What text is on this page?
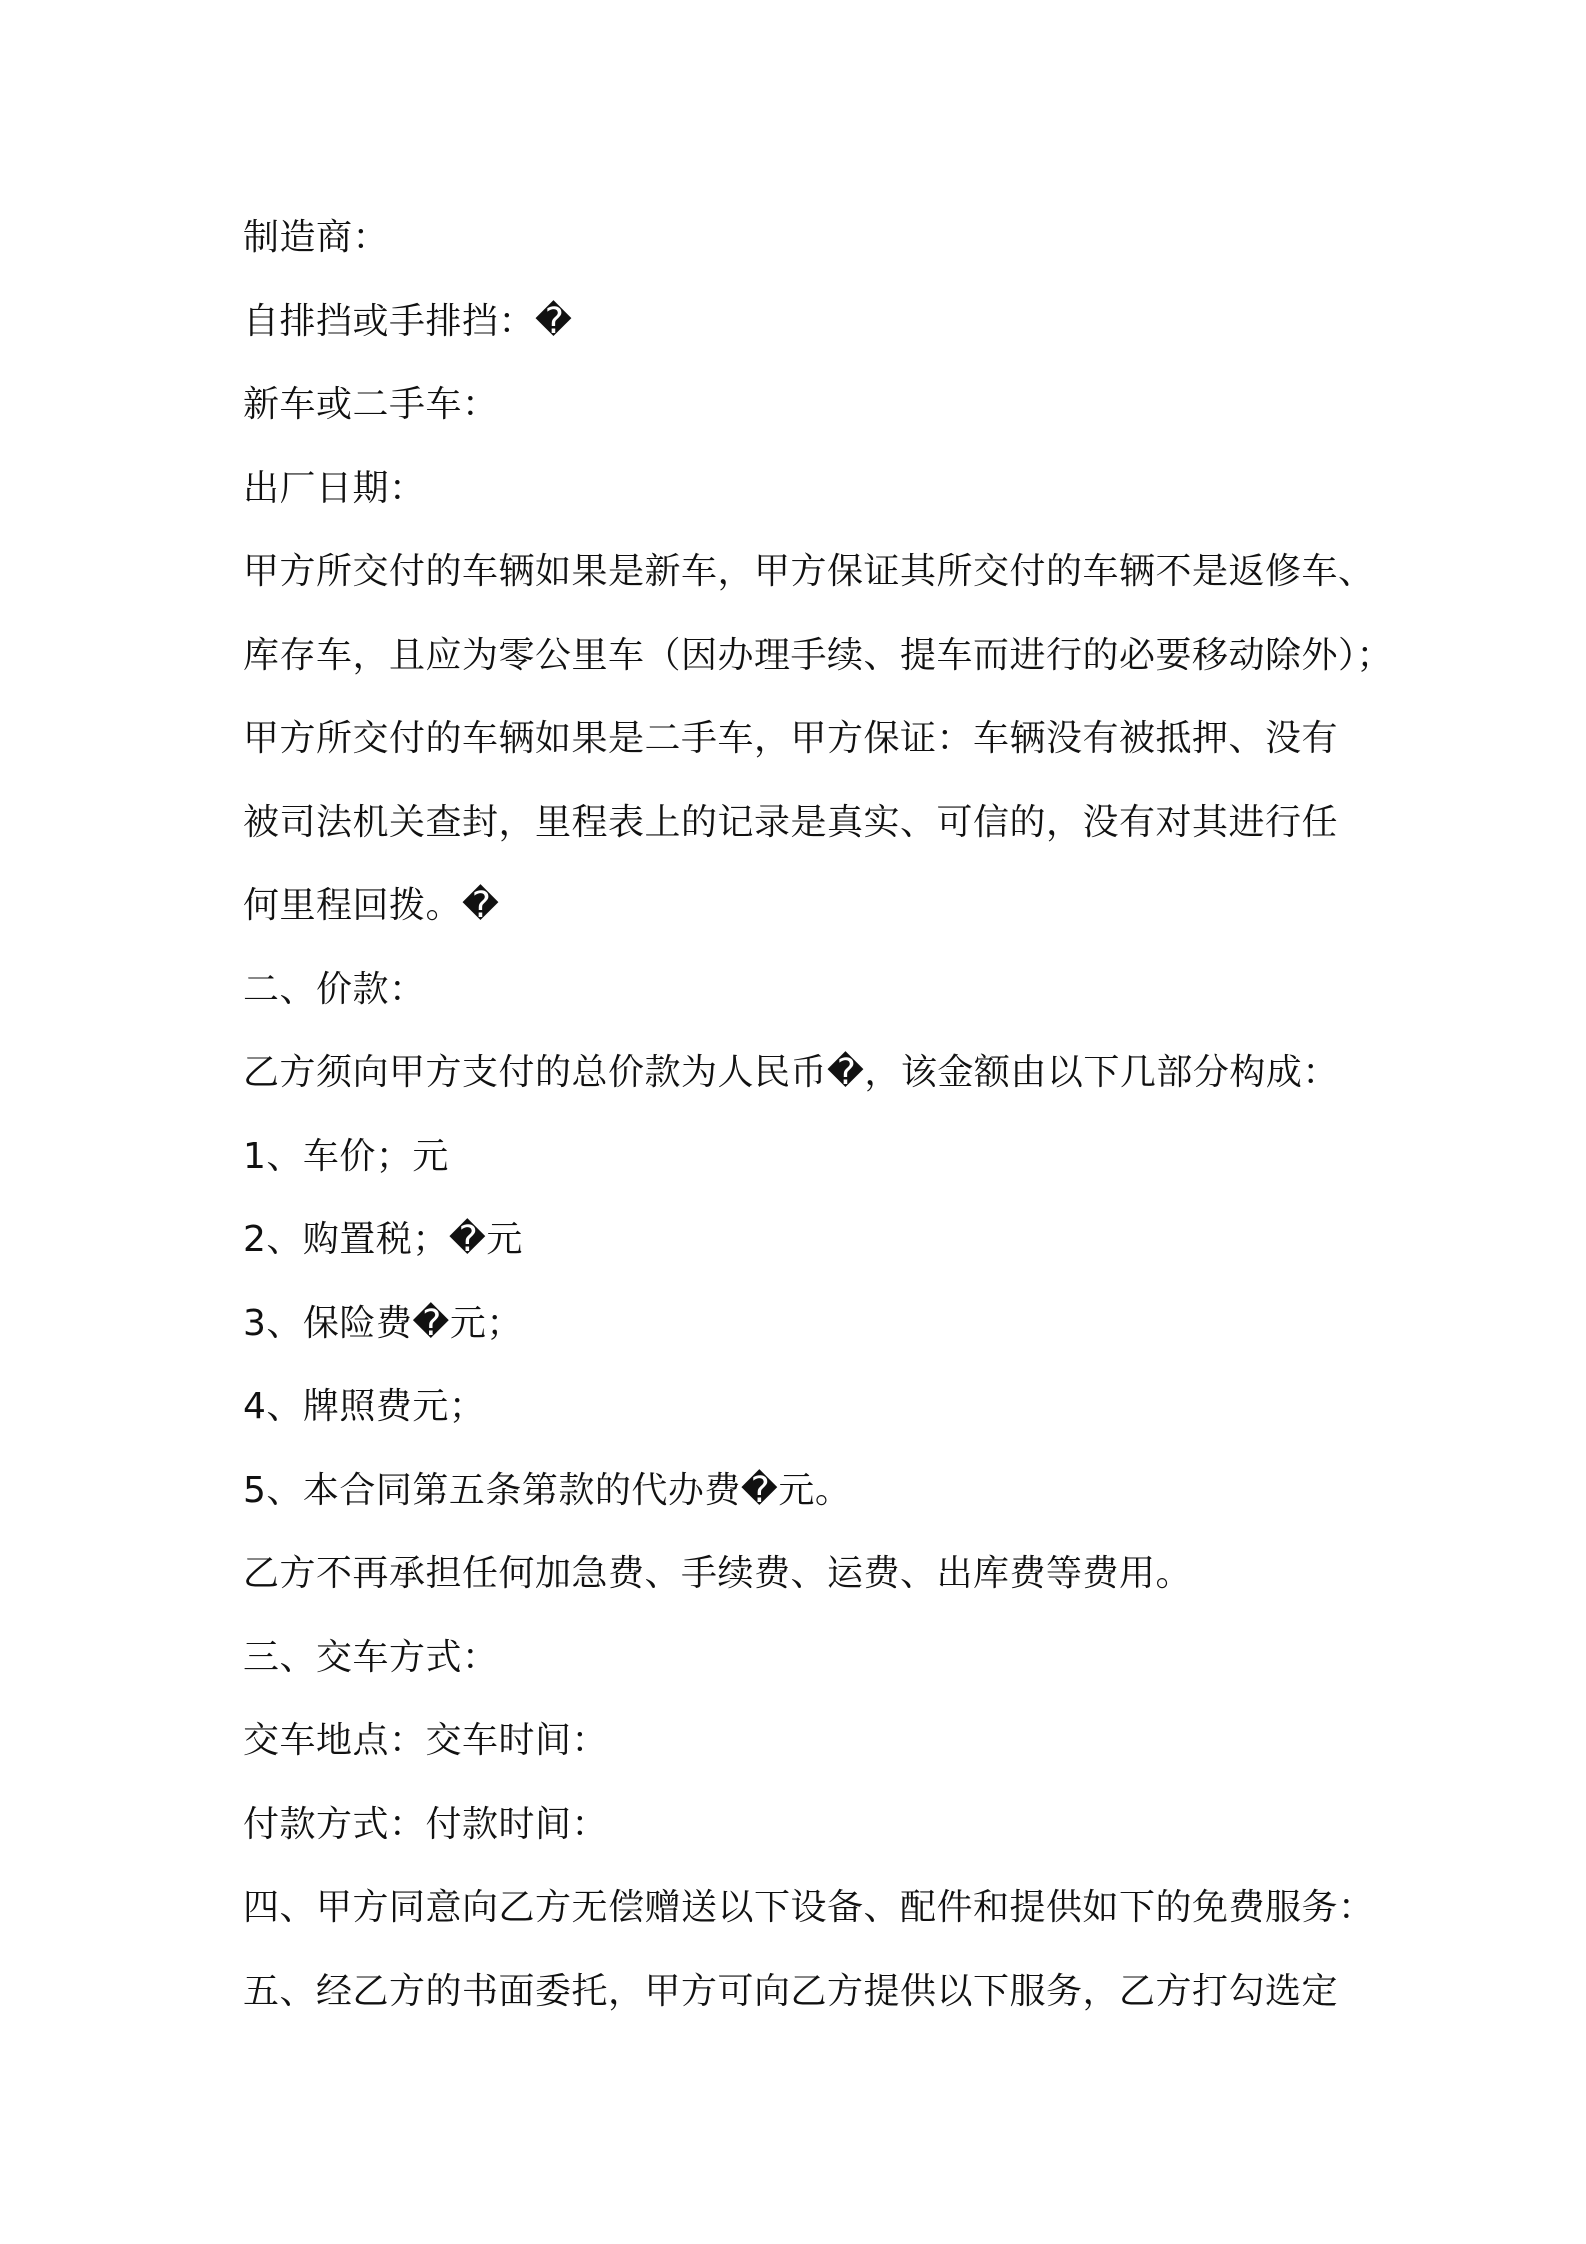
制造商：
自排挡或手排挡：�
新车或二手车：
出厂日期：
甲方所交付的车辆如果是新车，甲方保证其所交付的车辆不是返修车、
库存车，且应为零公里车（因办理手续、提车而进行的必要移动除外）；
甲方所交付的车辆如果是二手车，甲方保证：车辆没有被抵押、没有
被司法机关查封，里程表上的记录是真实、可信的，没有对其进行任
何里程回拨。�
二、价款：
乙方须向甲方支付的总价款为人民币�，该金额由以下几部分构成：
1、车价；元
2、购置税；�元
3、保险费�元；
4、牌照费元；
5、本合同第五条第款的代办费�元。
乙方不再承担任何加急费、手续费、运费、出库费等费用。
三、交车方式：
交车地点：交车时间：
付款方式：付款时间：
四、甲方同意向乙方无偿赠送以下设备、配件和提供如下的免费服务：
五、经乙方的书面委托，甲方可向乙方提供以下服务，乙方打勾选定
